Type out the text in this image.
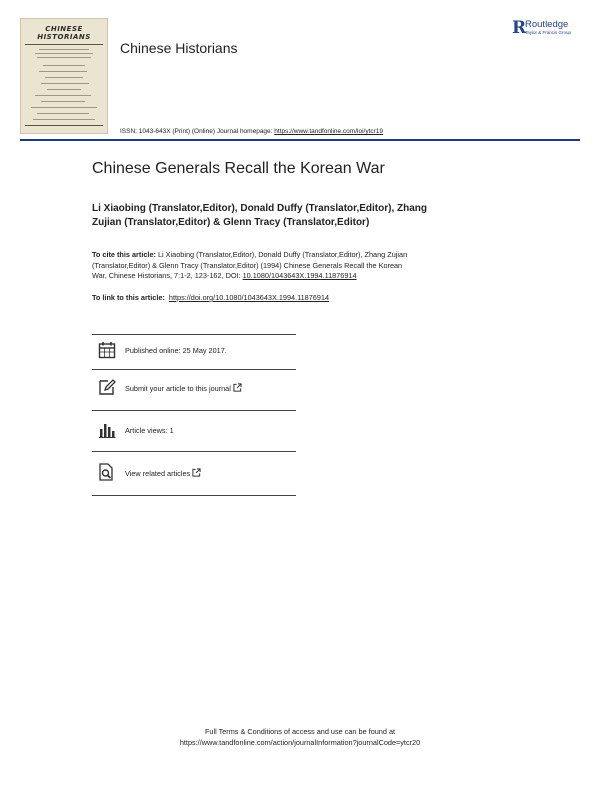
CHINESE
HISTORIANS
Chinese Historians
R
Routledge
Taylor & Francis Group
ISSN: 1043-643X (Print) (Online) Journal homepage: https://www.tandfonline.com/loi/ytcr19
Chinese Generals Recall the Korean War
Li Xiaobing (Translator,Editor), Donald Duffy (Translator,Editor), Zhang
Zujian (Translator,Editor) & Glenn Tracy (Translator,Editor)
To cite this article: Li Xiaobing (Translator,Editor), Donald Duffy (Translator,Editor), Zhang Zujian
(Translator,Editor) & Glenn Tracy (Translator,Editor) (1994) Chinese Generals Recall the Korean
War, Chinese Historians, 7:1-2, 123-162, DOI: 10.1080/1043643X.1994.11876914
To link to this article: https://doi.org/10.1080/1043643X.1994.11876914
Published online: 25 May 2017.
Submit your article to this journal
Article views: 1
View related articles
Full Terms & Conditions of access and use can be found at
https://www.tandfonline.com/action/journalInformation?journalCode=ytcr20
